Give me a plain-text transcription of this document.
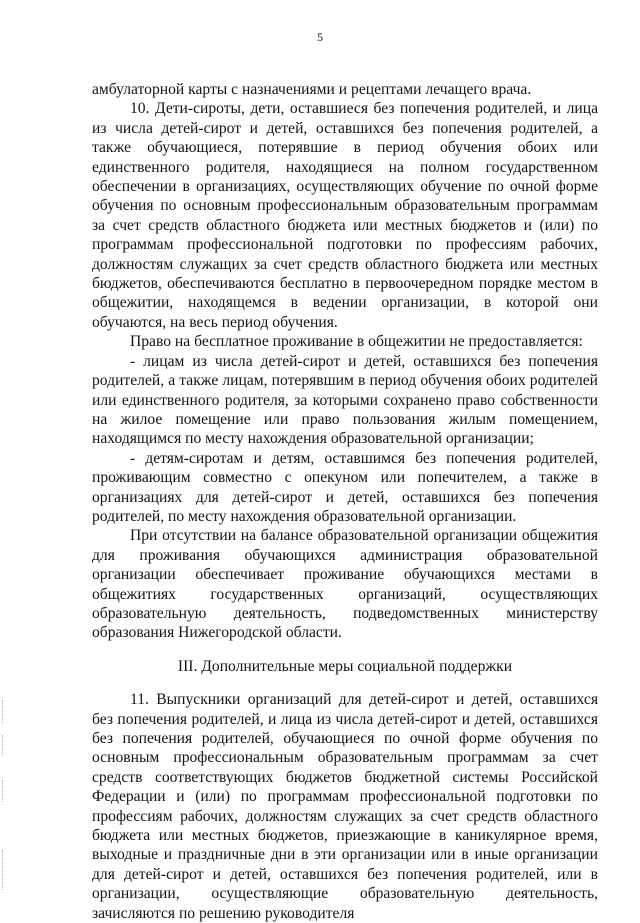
5

амбулаторной карты с назначениями и рецептами лечащего врача.

10. Дети-сироты, дети, оставшиеся без попечения родителей, и лица из числа детей-сирот и детей, оставшихся без попечения родителей, а также обучающиеся, потерявшие в период обучения обоих или единственного родителя, находящиеся на полном государственном обеспечении в организациях, осуществляющих обучение по очной форме обучения по основным профессиональным образовательным программам за счет средств областного бюджета или местных бюджетов и (или) по программам профессиональной подготовки по профессиям рабочих, должностям служащих за счет средств областного бюджета или местных бюджетов, обеспечиваются бесплатно в первоочередном порядке местом в общежитии, находящемся в ведении организации, в которой они обучаются, на весь период обучения.

Право на бесплатное проживание в общежитии не предоставляется:

- лицам из числа детей-сирот и детей, оставшихся без попечения родителей, а также лицам, потерявшим в период обучения обоих родителей или единственного родителя, за которыми сохранено право собственности на жилое помещение или право пользования жилым помещением, находящимся по месту нахождения образовательной организации;

- детям-сиротам и детям, оставшимся без попечения родителей, проживающим совместно с опекуном или попечителем, а также в организациях для детей-сирот и детей, оставшихся без попечения родителей, по месту нахождения образовательной организации.

При отсутствии на балансе образовательной организации общежития для проживания обучающихся администрация образовательной организации обеспечивает проживание обучающихся местами в общежитиях государственных организаций, осуществляющих образовательную деятельность, подведомственных министерству образования Нижегородской области.

III. Дополнительные меры социальной поддержки

11. Выпускники организаций для детей-сирот и детей, оставшихся без попечения родителей, и лица из числа детей-сирот и детей, оставшихся без попечения родителей, обучающиеся по очной форме обучения по основным профессиональным образовательным программам за счет средств соответствующих бюджетов бюджетной системы Российской Федерации и (или) по программам профессиональной подготовки по профессиям рабочих, должностям служащих за счет средств областного бюджета или местных бюджетов, приезжающие в каникулярное время, выходные и праздничные дни в эти организации или в иные организации для детей-сирот и детей, оставшихся без попечения родителей, или в организации, осуществляющие образовательную деятельность, зачисляются по решению руководителя
